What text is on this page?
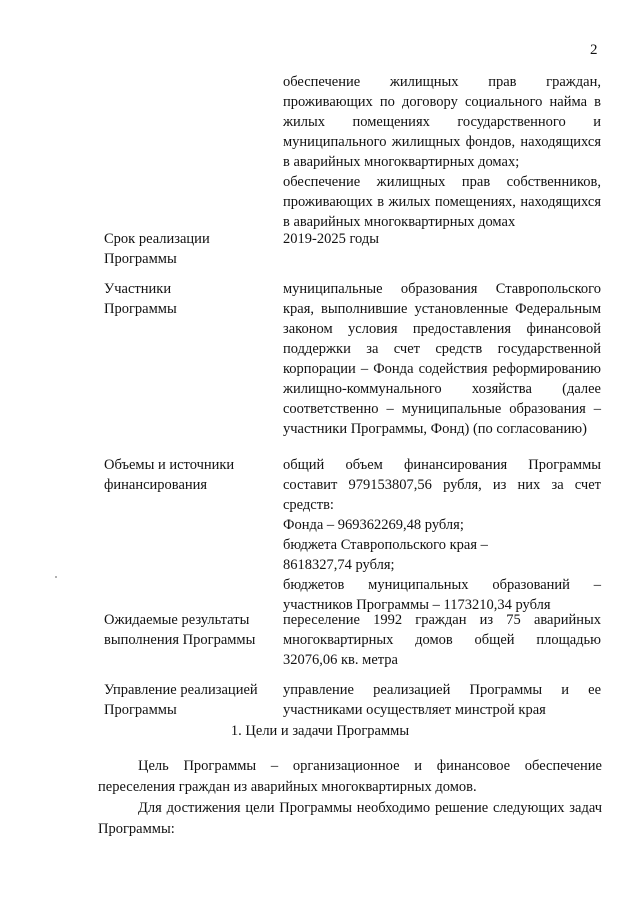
2
обеспечение жилищных прав граждан, проживающих по договору социального найма в жилых помещениях государственного и муниципального жилищных фондов, находящихся в аварийных многоквартирных домах;
обеспечение жилищных прав собственников, проживающих в жилых помещениях, находящихся в аварийных многоквартирных домах
Срок реализации
Программы
2019-2025 годы
Участники
Программы
муниципальные образования Ставропольского края, выполнившие установленные Федеральным законом условия предоставления финансовой поддержки за счет средств государственной корпорации – Фонда содействия реформированию жилищно-коммунального хозяйства (далее соответственно – муниципальные образования – участники Программы, Фонд) (по согласованию)
Объемы и источники
финансирования
общий объем финансирования Программы составит 979153807,56 рубля, из них за счет средств:
Фонда – 969362269,48 рубля;
бюджета Ставропольского края –
8618327,74 рубля;
бюджетов муниципальных образований – участников Программы – 1173210,34 рубля
Ожидаемые результаты
выполнения Программы
переселение 1992 граждан из 75 аварийных многоквартирных домов общей площадью 32076,06 кв. метра
Управление реализацией
Программы
управление реализацией Программы и ее участниками осуществляет минстрой края
1. Цели и задачи Программы
Цель Программы – организационное и финансовое обеспечение переселения граждан из аварийных многоквартирных домов.
Для достижения цели Программы необходимо решение следующих задач Программы:
